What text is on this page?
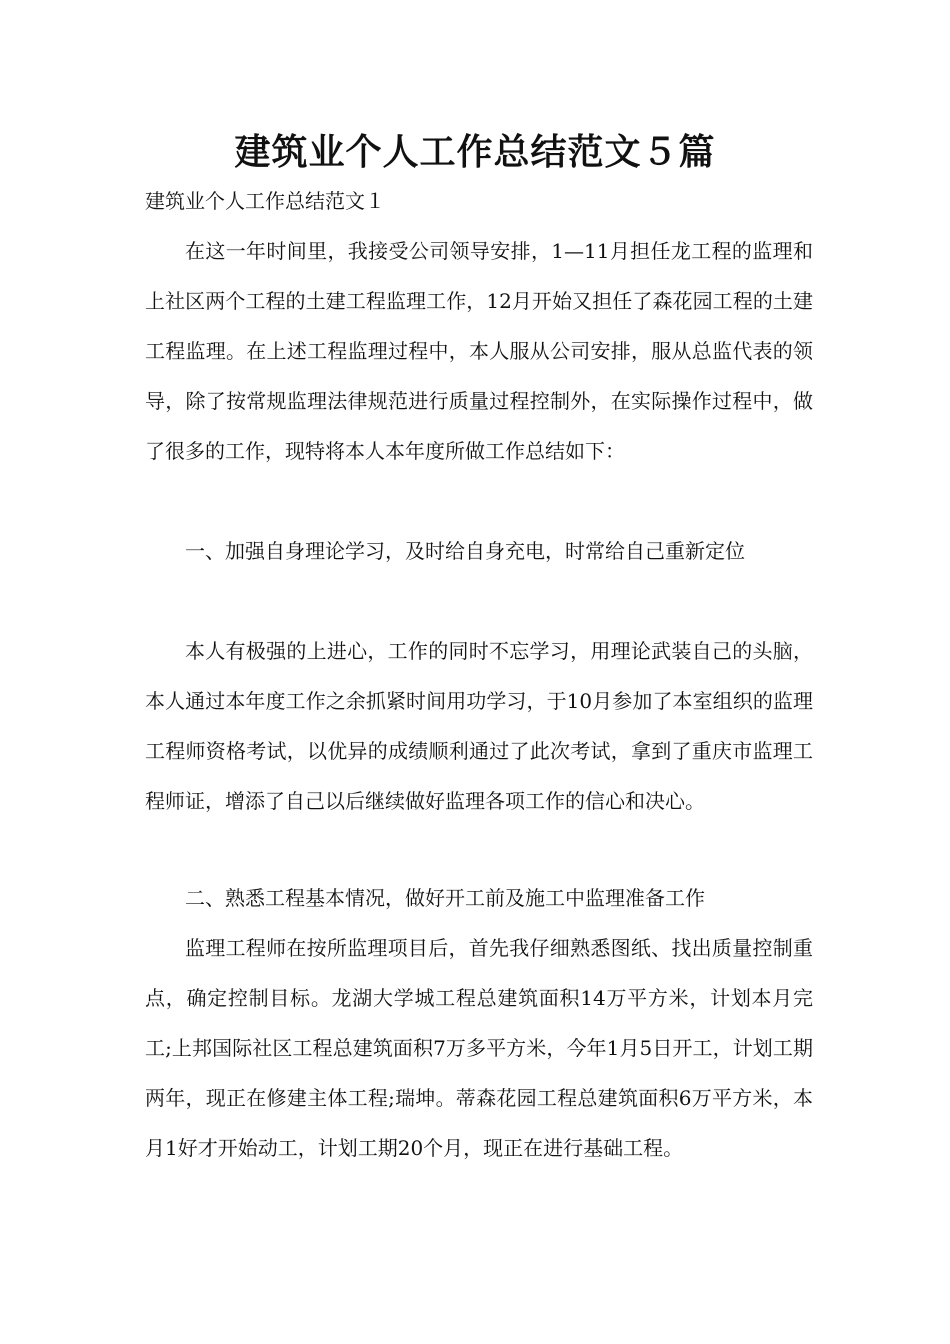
建筑业个人工作总结范文５篇

建筑业个人工作总结范文１

在这一年时间里，我接受公司领导安排，1—11月担任龙工程的监理和上社区两个工程的土建工程监理工作，12月开始又担任了森花园工程的土建工程监理。在上述工程监理过程中，本人服从公司安排，服从总监代表的领导，除了按常规监理法律规范进行质量过程控制外，在实际操作过程中，做了很多的工作，现特将本人本年度所做工作总结如下：

一、加强自身理论学习，及时给自身充电，时常给自己重新定位

本人有极强的上进心，工作的同时不忘学习，用理论武装自己的头脑，本人通过本年度工作之余抓紧时间用功学习，于10月参加了本室组织的监理工程师资格考试，以优异的成绩顺利通过了此次考试，拿到了重庆市监理工程师证，增添了自己以后继续做好监理各项工作的信心和决心。

二、熟悉工程基本情况，做好开工前及施工中监理准备工作

监理工程师在按所监理项目后，首先我仔细熟悉图纸、找出质量控制重点，确定控制目标。龙湖大学城工程总建筑面积14万平方米，计划本月完工;上邦国际社区工程总建筑面积7万多平方米，今年1月5日开工，计划工期两年，现正在修建主体工程;瑞坤。蒂森花园工程总建筑面积6万平方米，本月1好才开始动工，计划工期20个月，现正在进行基础工程。
